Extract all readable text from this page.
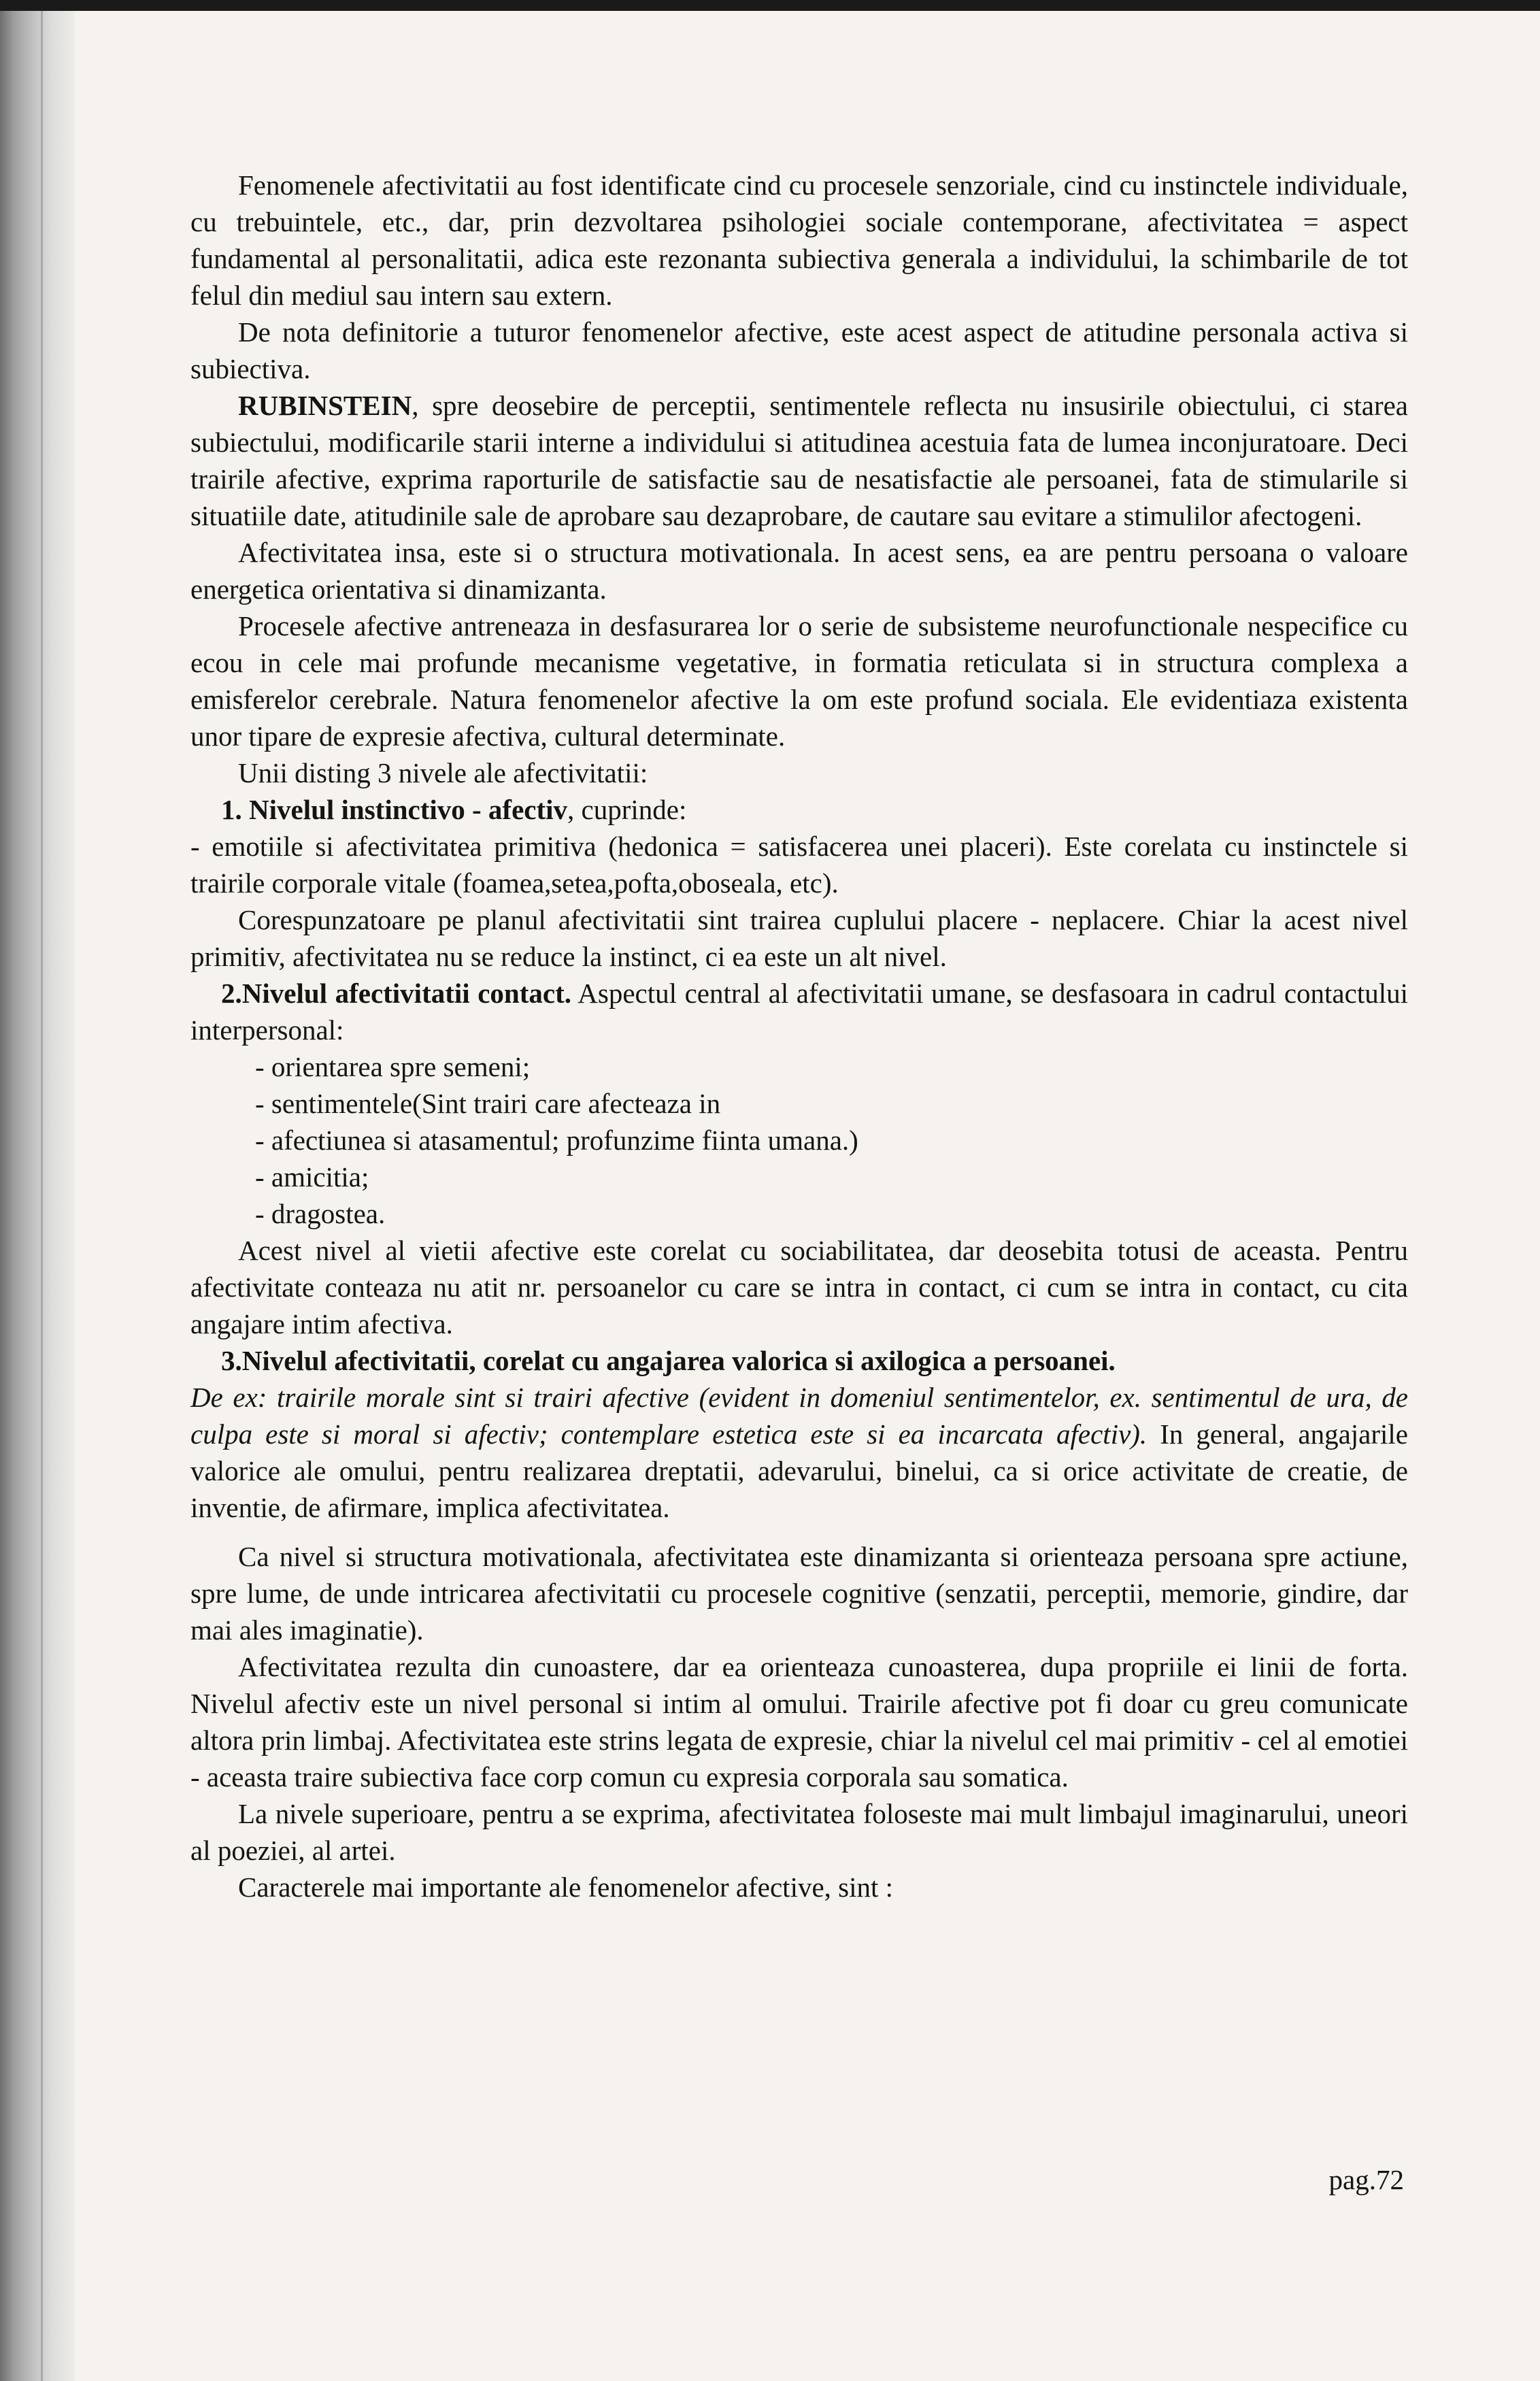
Fenomenele afectivitatii au fost identificate cind cu procesele senzoriale, cind cu instinctele individuale, cu trebuintele, etc., dar, prin dezvoltarea psihologiei sociale contemporane, afectivitatea = aspect fundamental al personalitatii, adica este rezonanta subiectiva generala a individului, la schimbarile de tot felul din mediul sau intern sau extern.

De nota definitorie a tuturor fenomenelor afective, este acest aspect de atitudine personala activa si subiectiva.

RUBINSTEIN, spre deosebire de perceptii, sentimentele reflecta nu insusirile obiectului, ci starea subiectului, modificarile starii interne a individului si atitudinea acestuia fata de lumea inconjuratoare. Deci trairile afective, exprima raporturile de satisfactie sau de nesatisfactie ale persoanei, fata de stimularile si situatiile date, atitudinile sale de aprobare sau dezaprobare, de cautare sau evitare a stimulilor afectogeni.

Afectivitatea insa, este si o structura motivationala. In acest sens, ea are pentru persoana o valoare energetica orientativa si dinamizanta.

Procesele afective antreneaza in desfasurarea lor o serie de subsisteme neurofunctionale nespecifice cu ecou in cele mai profunde mecanisme vegetative, in formatia reticulata si in structura complexa a emisferelor cerebrale. Natura fenomenelor afective la om este profund sociala. Ele evidentiaza existenta unor tipare de expresie afectiva, cultural determinate.

Unii disting 3 nivele ale afectivitatii:

1. Nivelul instinctivo - afectiv, cuprinde:

- emotiile si afectivitatea primitiva (hedonica = satisfacerea unei placeri). Este corelata cu instinctele si trairile corporale vitale (foamea,setea,pofta,oboseala, etc).

Corespunzatoare pe planul afectivitatii sint trairea cuplului placere - neplacere. Chiar la acest nivel primitiv, afectivitatea nu se reduce la instinct, ci ea este un alt nivel.

2.Nivelul afectivitatii contact. Aspectul central al afectivitatii umane, se desfasoara in cadrul contactului interpersonal:

- orientarea spre semeni;
- sentimentele(Sint trairi care afecteaza in
- afectiunea si atasamentul; profunzime fiinta umana.)
- amicitia;
- dragostea.

Acest nivel al vietii afective este corelat cu sociabilitatea, dar deosebita totusi de aceasta. Pentru afectivitate conteaza nu atit nr. persoanelor cu care se intra in contact, ci cum se intra in contact, cu cita angajare intim afectiva.

3.Nivelul afectivitatii, corelat cu angajarea valorica si axilogica a persoanei.

De ex: trairile morale sint si trairi afective (evident in domeniul sentimentelor, ex. sentimentul de ura, de culpa este si moral si afectiv; contemplare estetica este si ea incarcata afectiv). In general, angajarile valorice ale omului, pentru realizarea dreptatii, adevarului, binelui, ca si orice activitate de creatie, de inventie, de afirmare, implica afectivitatea.

Ca nivel si structura motivationala, afectivitatea este dinamizanta si orienteaza persoana spre actiune, spre lume, de unde intricarea afectivitatii cu procesele cognitive (senzatii, perceptii, memorie, gindire, dar mai ales imaginatie).

Afectivitatea rezulta din cunoastere, dar ea orienteaza cunoasterea, dupa propriile ei linii de forta. Nivelul afectiv este un nivel personal si intim al omului. Trairile afective pot fi doar cu greu comunicate altora prin limbaj. Afectivitatea este strins legata de expresie, chiar la nivelul cel mai primitiv - cel al emotiei - aceasta traire subiectiva face corp comun cu expresia corporala sau somatica.

La nivele superioare, pentru a se exprima, afectivitatea foloseste mai mult limbajul imaginarului, uneori al poeziei, al artei.

Caracterele mai importante ale fenomenelor afective, sint :

pag.72
